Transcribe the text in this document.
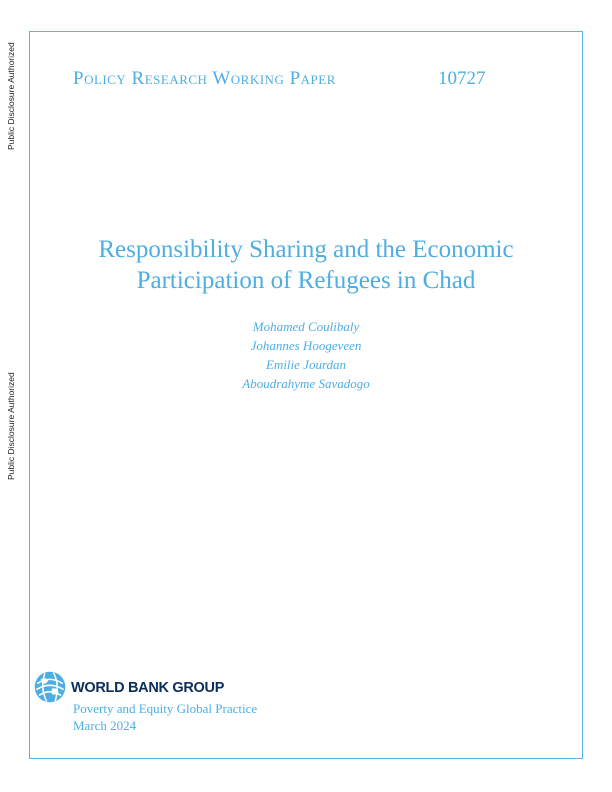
Public Disclosure Authorized
Public Disclosure Authorized
Policy Research Working Paper	10727
Responsibility Sharing and the Economic Participation of Refugees in Chad
Mohamed Coulibaly
Johannes Hoogeveen
Emilie Jourdan
Aboudrahyme Savadogo
WORLD BANK GROUP
Poverty and Equity Global Practice
March 2024
